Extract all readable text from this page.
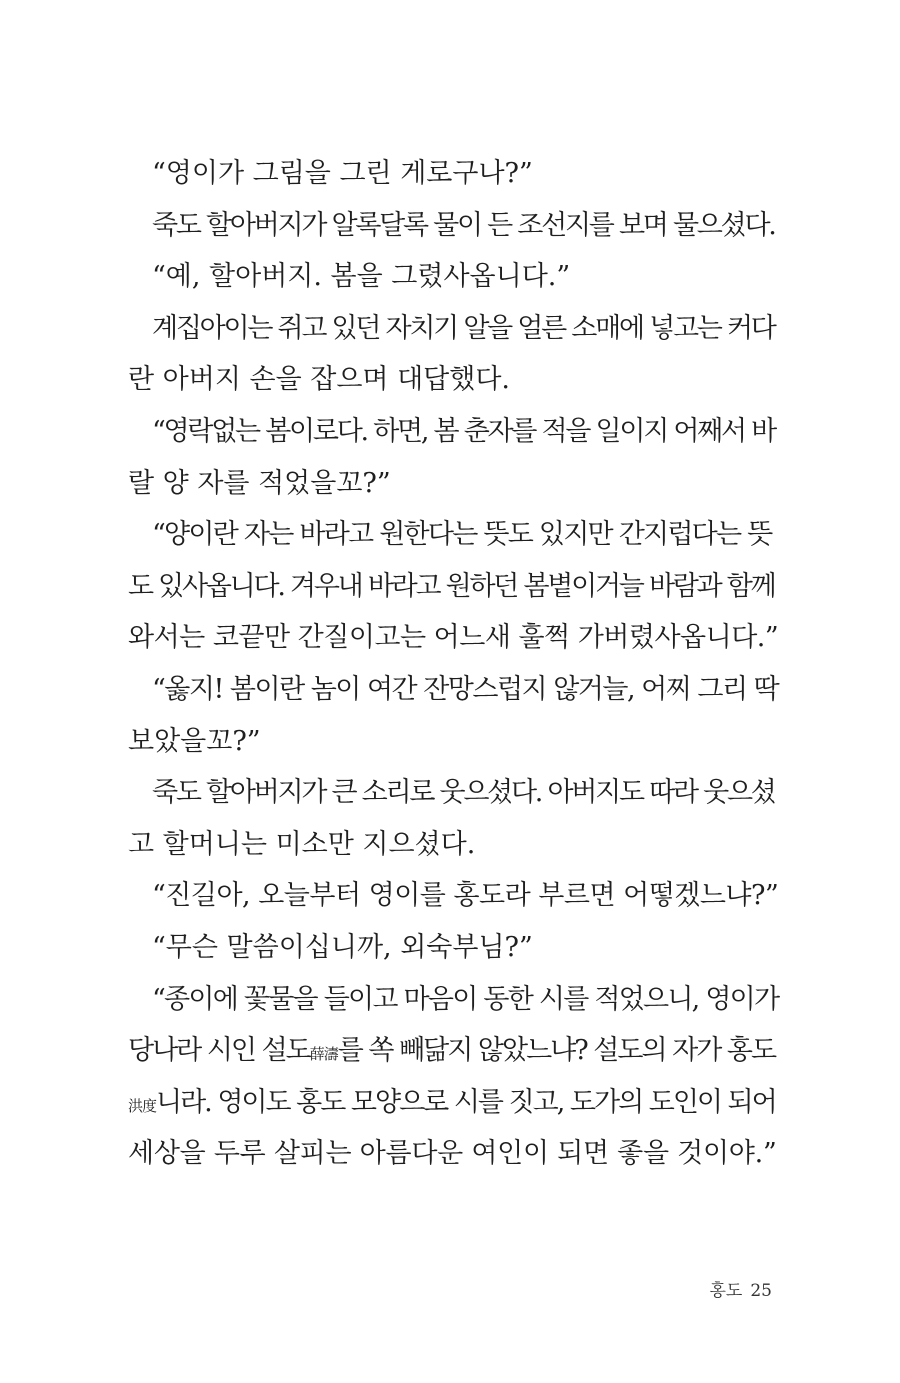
“영이가 그림을 그린 게로구나?”
죽도 할아버지가 알록달록 물이 든 조선지를 보며 물으셨다.
“예, 할아버지. 봄을 그렸사옵니다.”
계집아이는 쥐고 있던 자치기 알을 얼른 소매에 넣고는 커다
란 아버지 손을 잡으며 대답했다.
“영락없는 봄이로다. 하면, 봄 춘자를 적을 일이지 어째서 바
랄 양 자를 적었을꼬?”
“양이란 자는 바라고 원한다는 뜻도 있지만 간지럽다는 뜻
도 있사옵니다. 겨우내 바라고 원하던 봄볕이거늘 바람과 함께
와서는 코끝만 간질이고는 어느새 훌쩍 가버렸사옵니다.”
“옳지! 봄이란 놈이 여간 잔망스럽지 않거늘, 어찌 그리 딱
보았을꼬?”
죽도 할아버지가 큰 소리로 웃으셨다. 아버지도 따라 웃으셨
고 할머니는 미소만 지으셨다.
“진길아, 오늘부터 영이를 홍도라 부르면 어떻겠느냐?”
“무슨 말씀이십니까, 외숙부님?”
“종이에 꽃물을 들이고 마음이 동한 시를 적었으니, 영이가
당나라 시인 설도薛濤를 쏙 빼닮지 않았느냐? 설도의 자가 홍도
洪度니라. 영이도 홍도 모양으로 시를 짓고, 도가의 도인이 되어
세상을 두루 살피는 아름다운 여인이 되면 좋을 것이야.”
홍도 25
